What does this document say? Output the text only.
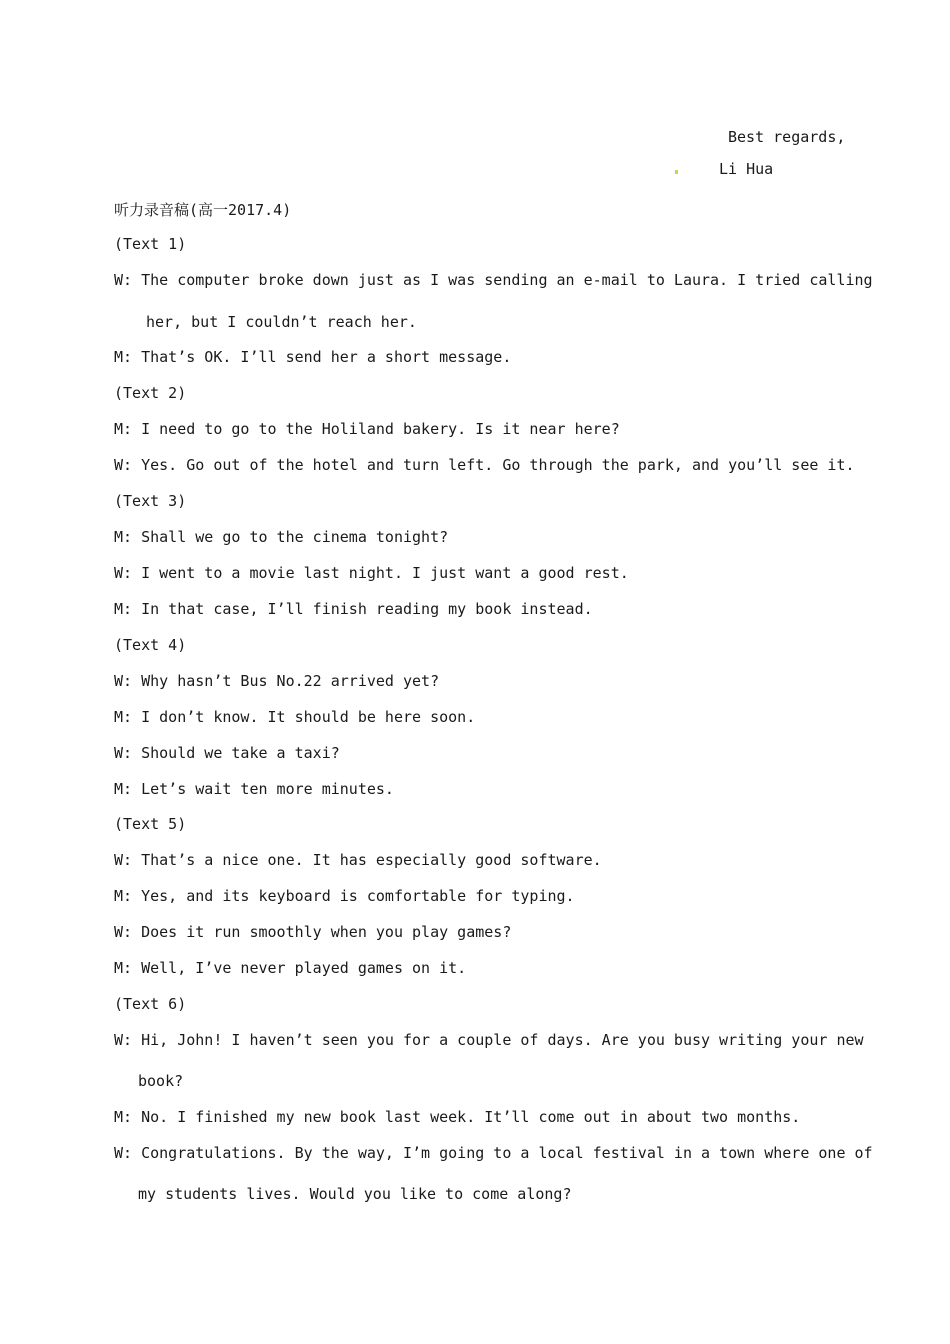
Best regards,
Li Hua
听力录音稿(高一2017.4)
(Text 1)
W: The computer broke down just as I was sending an e-mail to Laura. I tried calling
her, but I couldn’t reach her.
M: That’s OK. I’ll send her a short message.
(Text 2)
M: I need to go to the Holiland bakery. Is it near here?
W: Yes. Go out of the hotel and turn left. Go through the park, and you’ll see it.
(Text 3)
M: Shall we go to the cinema tonight?
W: I went to a movie last night. I just want a good rest.
M: In that case, I’ll finish reading my book instead.
(Text 4)
W: Why hasn’t Bus No.22 arrived yet?
M: I don’t know. It should be here soon.
W: Should we take a taxi?
M: Let’s wait ten more minutes.
(Text 5)
W: That’s a nice one. It has especially good software.
M: Yes, and its keyboard is comfortable for typing.
W: Does it run smoothly when you play games?
M: Well, I’ve never played games on it.
(Text 6)
W: Hi, John! I haven’t seen you for a couple of days. Are you busy writing your new
book?
M: No. I finished my new book last week. It’ll come out in about two months.
W: Congratulations. By the way, I’m going to a local festival in a town where one of
my students lives. Would you like to come along?
